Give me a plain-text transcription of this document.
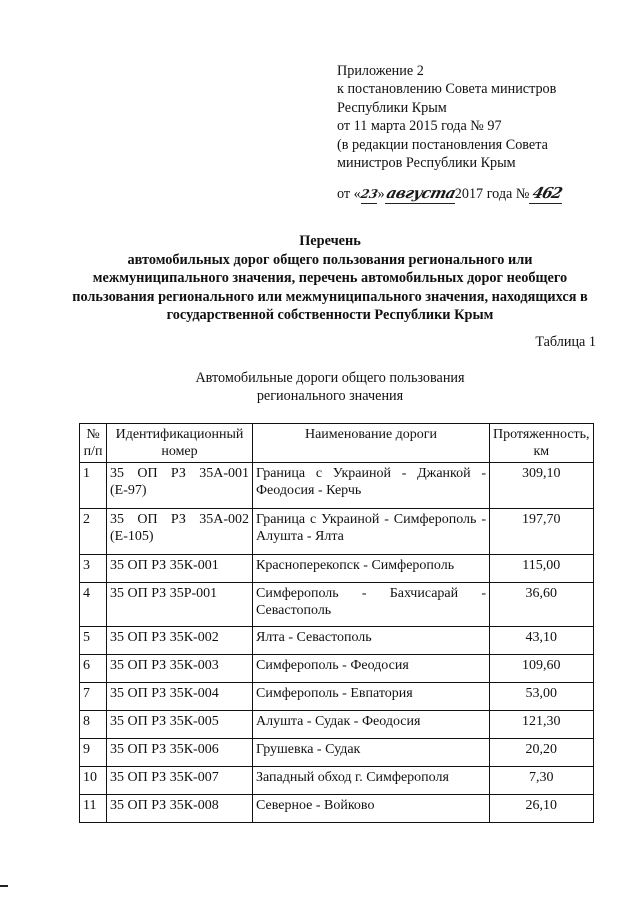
Приложение 2
к постановлению Совета министров
Республики Крым
от 11 марта 2015 года № 97
(в редакции постановления Совета
министров Республики Крым
от «23»августа2017 года № 462
Перечень
автомобильных дорог общего пользования регионального или межмуниципального значения, перечень автомобильных дорог необщего пользования регионального или межмуниципального значения, находящихся в государственной собственности Республики Крым
Таблица 1
Автомобильные дороги общего пользования
регионального значения
№ п/п	Идентификационный номер	Наименование дороги	Протяженность, км
1	35 ОП РЗ 35А-001 (Е-97)	Граница с Украиной - Джанкой - Феодосия - Керчь	309,10
2	35 ОП РЗ 35А-002 (Е-105)	Граница с Украиной - Симферополь - Алушта - Ялта	197,70
3	35 ОП РЗ 35К-001	Красноперекопск - Симферополь	115,00
4	35 ОП РЗ 35Р-001	Симферополь - Бахчисарай - Севастополь	36,60
5	35 ОП РЗ 35К-002	Ялта - Севастополь	43,10
6	35 ОП РЗ 35К-003	Симферополь - Феодосия	109,60
7	35 ОП РЗ 35К-004	Симферополь - Евпатория	53,00
8	35 ОП РЗ 35К-005	Алушта - Судак - Феодосия	121,30
9	35 ОП РЗ 35К-006	Грушевка - Судак	20,20
10	35 ОП РЗ 35К-007	Западный обход г. Симферополя	7,30
11	35 ОП РЗ 35К-008	Северное - Войково	26,10
